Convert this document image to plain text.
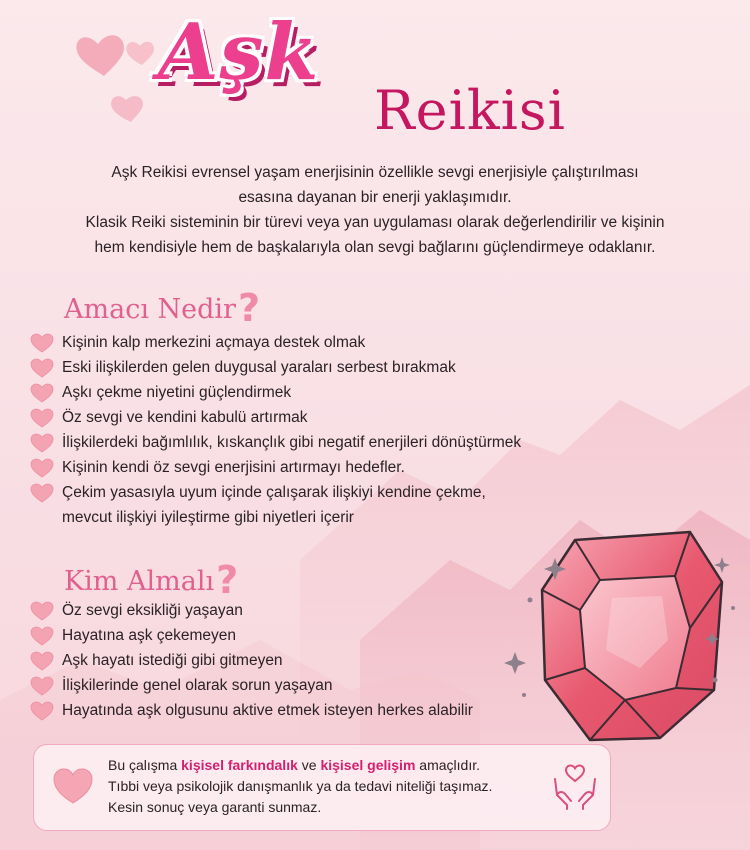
Aşk
Reikisi
Aşk Reikisi evrensel yaşam enerjisinin özellikle sevgi enerjisiyle çalıştırılması
esasına dayanan bir enerji yaklaşımıdır.
Klasik Reiki sisteminin bir türevi veya yan uygulaması olarak değerlendirilir ve kişinin
hem kendisiyle hem de başkalarıyla olan sevgi bağlarını güçlendirmeye odaklanır.
Amacı Nedir?
Kişinin kalp merkezini açmaya destek olmak
Eski ilişkilerden gelen duygusal yaraları serbest bırakmak
Aşkı çekme niyetini güçlendirmek
Öz sevgi ve kendini kabulü artırmak
İlişkilerdeki bağımlılık, kıskançlık gibi negatif enerjileri dönüştürmek
Kişinin kendi öz sevgi enerjisini artırmayı hedefler.
Çekim yasasıyla uyum içinde çalışarak ilişkiyi kendine çekme,
mevcut ilişkiyi iyileştirme gibi niyetleri içerir
Kim Almalı?
Öz sevgi eksikliği yaşayan
Hayatına aşk çekemeyen
Aşk hayatı istediği gibi gitmeyen
İlişkilerinde genel olarak sorun yaşayan
Hayatında aşk olgusunu aktive etmek isteyen herkes alabilir
Bu çalışma kişisel farkındalık ve kişisel gelişim amaçlıdır.
Tıbbi veya psikolojik danışmanlık ya da tedavi niteliği taşımaz.
Kesin sonuç veya garanti sunmaz.
